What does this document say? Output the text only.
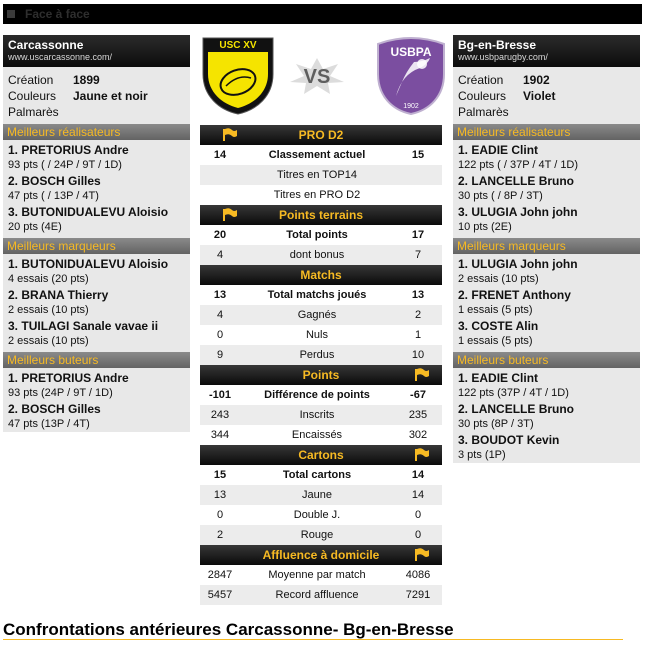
Face à face
Carcassonne
www.uscarcassonne.com/
Création 1899
Couleurs Jaune et noir
Palmarès
Meilleurs réalisateurs
1. PRETORIUS Andre
93 pts ( / 24P / 9T / 1D)
2. BOSCH Gilles
47 pts ( / 13P / 4T)
3. BUTONIDUALEVU Aloisio
20 pts (4E)
Meilleurs marqueurs
1. BUTONIDUALEVU Aloisio
4 essais (20 pts)
2. BRANA Thierry
2 essais (10 pts)
3. TUILAGI Sanale vavae ii
2 essais (10 pts)
Meilleurs buteurs
1. PRETORIUS Andre
93 pts (24P / 9T / 1D)
2. BOSCH Gilles
47 pts (13P / 4T)
Bg-en-Bresse
www.usbparugby.com/
Création 1902
Couleurs Violet
Palmarès
Meilleurs réalisateurs
1. EADIE Clint
122 pts ( / 37P / 4T / 1D)
2. LANCELLE Bruno
30 pts ( / 8P / 3T)
3. ULUGIA John john
10 pts (2E)
Meilleurs marqueurs
1. ULUGIA John john
2 essais (10 pts)
2. FRENET Anthony
1 essais (5 pts)
3. COSTE Alin
1 essais (5 pts)
Meilleurs buteurs
1. EADIE Clint
122 pts (37P / 4T / 1D)
2. LANCELLE Bruno
30 pts (8P / 3T)
3. BOUDOT Kevin
3 pts (1P)
USC XV
VS
USBPA
1902
PRO D2
14	Classement actuel	15
Titres en TOP14
Titres en PRO D2
Points terrains
20	Total points	17
4	dont bonus	7
Matchs
13	Total matchs joués	13
4	Gagnés	2
0	Nuls	1
9	Perdus	10
Points
-101	Différence de points	-67
243	Inscrits	235
344	Encaissés	302
Cartons
15	Total cartons	14
13	Jaune	14
0	Double J.	0
2	Rouge	0
Affluence à domicile
2847	Moyenne par match	4086
5457	Record affluence	7291
Confrontations antérieures Carcassonne- Bg-en-Bresse
